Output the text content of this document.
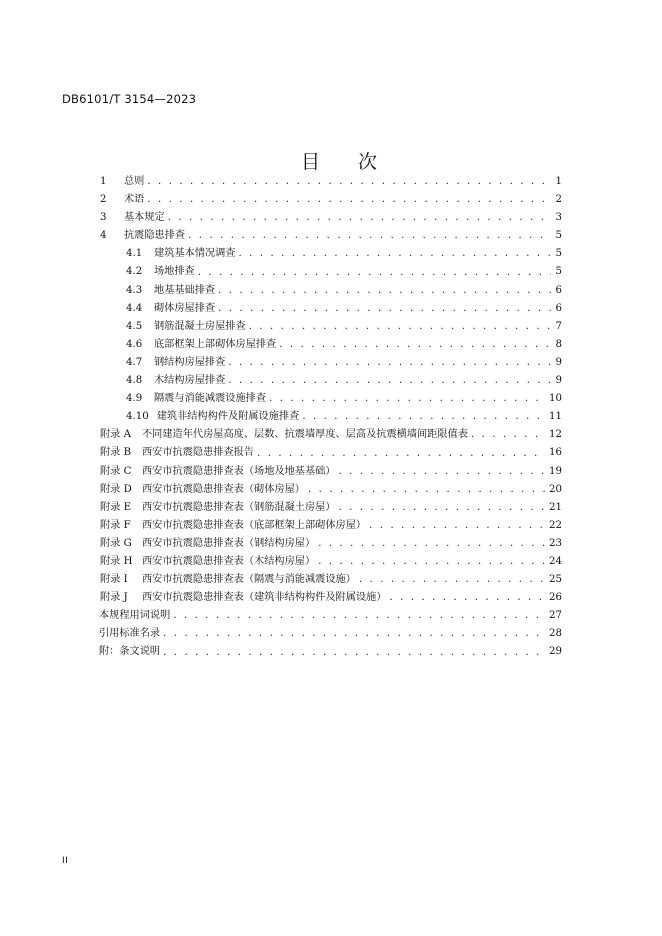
DB6101/T 3154—2023
目 次
1	总则 . . .	1
2	术语 . . .	2
3	基本规定 . . .	3
4	抗震隐患排查 . . .	5
4.1	建筑基本情况调查 . . .	5
4.2	场地排查 . . .	5
4.3	地基基础排查 . . .	6
4.4	砌体房屋排查 . . .	6
4.5	钢筋混凝土房屋排查 . . .	7
4.6	底部框架上部砌体房屋排查 . . .	8
4.7	钢结构房屋排查 . . .	9
4.8	木结构房屋排查 . . .	9
4.9	隔震与消能减震设施排查 . . .	10
4.10 建筑非结构构件及附属设施排查 . . .	11
附录 A	不同建造年代房屋高度、层数、抗震墙厚度、层高及抗震横墙间距限值表 . . .	12
附录 B	西安市抗震隐患排查报告 . . .	16
附录 C	西安市抗震隐患排查表（场地及地基基础） . . .	19
附录 D	西安市抗震隐患排查表（砌体房屋） . . .	20
附录 E	西安市抗震隐患排查表（钢筋混凝土房屋） . . .	21
附录 F	西安市抗震隐患排查表（底部框架上部砌体房屋） . . .	22
附录 G	西安市抗震隐患排查表（钢结构房屋） . . .	23
附录 H 西安市抗震隐患排查表（木结构房屋） . . .	24
附录 I	西安市抗震隐患排查表（隔震与消能减震设施） . . .	25
附录 J	西安市抗震隐患排查表（建筑非结构构件及附属设施） . . .	26
本规程用词说明 . . .	27
引用标准名录 . . .	28
附：条文说明 . . .	29
II
